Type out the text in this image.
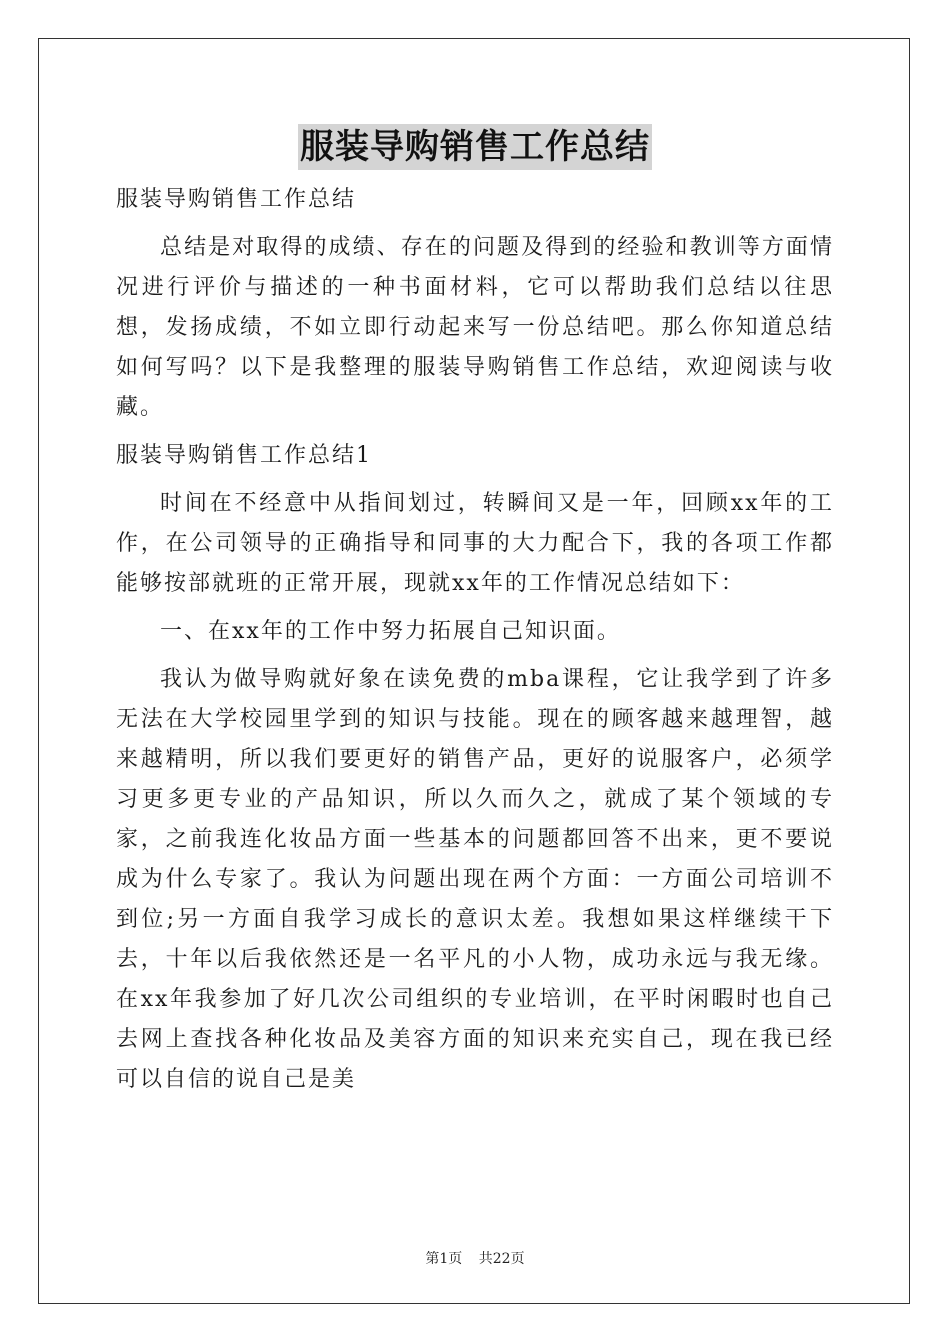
服装导购销售工作总结
服装导购销售工作总结

总结是对取得的成绩、存在的问题及得到的经验和教训等方面情况进行评价与描述的一种书面材料，它可以帮助我们总结以往思想，发扬成绩，不如立即行动起来写一份总结吧。那么你知道总结如何写吗？以下是我整理的服装导购销售工作总结，欢迎阅读与收藏。

服装导购销售工作总结1

时间在不经意中从指间划过，转瞬间又是一年，回顾xx年的工作，在公司领导的正确指导和同事的大力配合下，我的各项工作都能够按部就班的正常开展，现就xx年的工作情况总结如下：

一、在xx年的工作中努力拓展自己知识面。

我认为做导购就好象在读免费的mba课程，它让我学到了许多无法在大学校园里学到的知识与技能。现在的顾客越来越理智，越来越精明，所以我们要更好的销售产品，更好的说服客户，必须学习更多更专业的产品知识，所以久而久之，就成了某个领域的专家，之前我连化妆品方面一些基本的问题都回答不出来，更不要说成为什么专家了。我认为问题出现在两个方面：一方面公司培训不到位;另一方面自我学习成长的意识太差。我想如果这样继续干下去，十年以后我依然还是一名平凡的小人物，成功永远与我无缘。在xx年我参加了好几次公司组织的专业培训，在平时闲暇时也自己去网上查找各种化妆品及美容方面的知识来充实自己，现在我已经可以自信的说自己是美

第1页 共22页
